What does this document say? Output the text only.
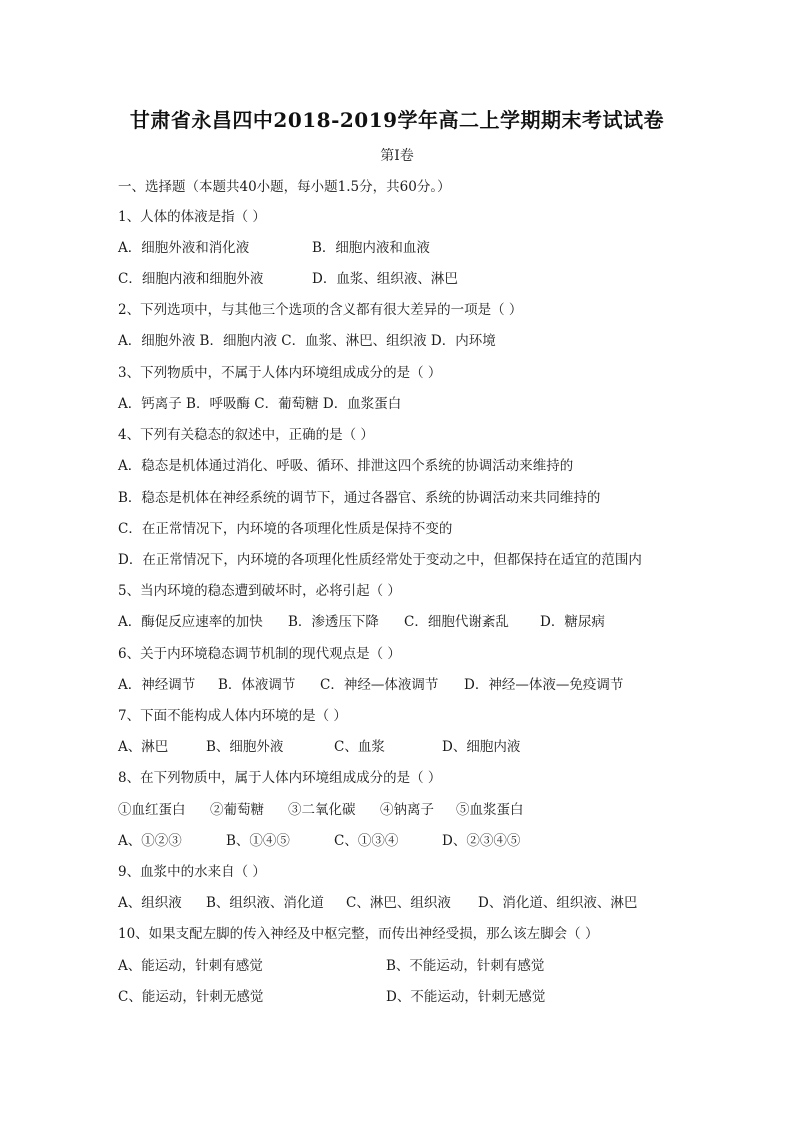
甘肃省永昌四中2018-2019学年高二上学期期末考试试卷
第I卷
一、选择题（本题共40小题，每小题1.5分，共60分。）
1、人体的体液是指（ ）
A．细胞外液和消化液	B．细胞内液和血液
C．细胞内液和细胞外液	D．血浆、组织液、淋巴
2、下列选项中，与其他三个选项的含义都有很大差异的一项是（ ）
A．细胞外液 B．细胞内液 C．血浆、淋巴、组织液 D．内环境
3、下列物质中，不属于人体内环境组成成分的是（ ）
A．钙离子 B．呼吸酶 C．葡萄糖 D．血浆蛋白
4、下列有关稳态的叙述中，正确的是（ ）
A．稳态是机体通过消化、呼吸、循环、排泄这四个系统的协调活动来维持的
B．稳态是机体在神经系统的调节下，通过各器官、系统的协调活动来共同维持的
C．在正常情况下，内环境的各项理化性质是保持不变的
D．在正常情况下，内环境的各项理化性质经常处于变动之中，但都保持在适宜的范围内
5、当内环境的稳态遭到破坏时，必将引起（ ）
A．酶促反应速率的加快 B．渗透压下降 C．细胞代谢紊乱 D．糖尿病
6、关于内环境稳态调节机制的现代观点是（ ）
A．神经调节 B．体液调节 C．神经—体液调节 D．神经—体液—免疫调节
7、下面不能构成人体内环境的是（ ）
A、淋巴	B、细胞外液	C、血浆	D、细胞内液
8、在下列物质中，属于人体内环境组成成分的是（ ）
①血红蛋白 ②葡萄糖 ③二氧化碳 ④钠离子 ⑤血浆蛋白
A、①②③	B、①④⑤	C、①③④	D、②③④⑤
9、血浆中的水来自（ ）
A、组织液 B、组织液、消化道 C、淋巴、组织液 D、消化道、组织液、淋巴
10、如果支配左脚的传入神经及中枢完整，而传出神经受损，那么该左脚会（ ）
A、能运动，针刺有感觉	B、不能运动，针刺有感觉
C、能运动，针刺无感觉	D、不能运动，针刺无感觉
